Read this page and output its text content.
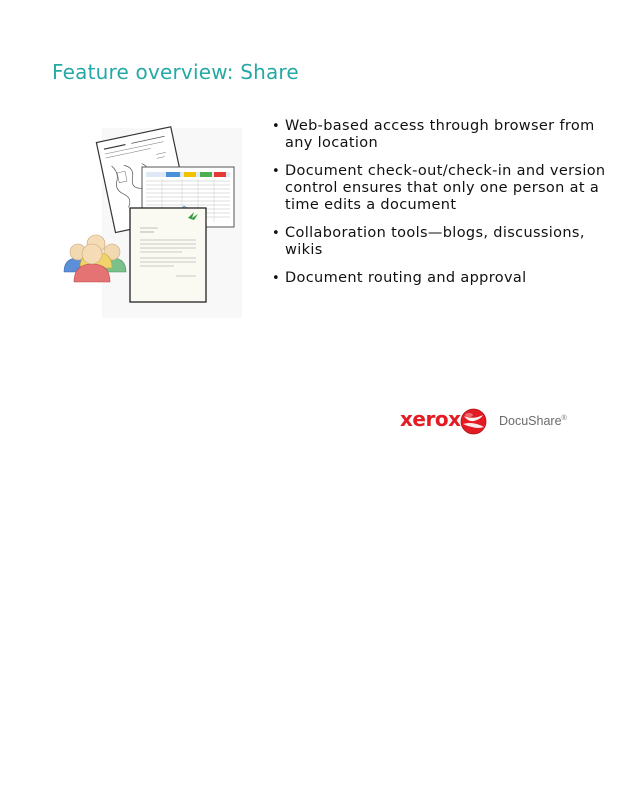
Feature overview: Share
• Web-based access through browser from any location
• Document check-out/check-in and version control ensures that only one person at a time edits a document
• Collaboration tools—blogs, discussions, wikis
• Document routing and approval
xerox	DocuShare®
